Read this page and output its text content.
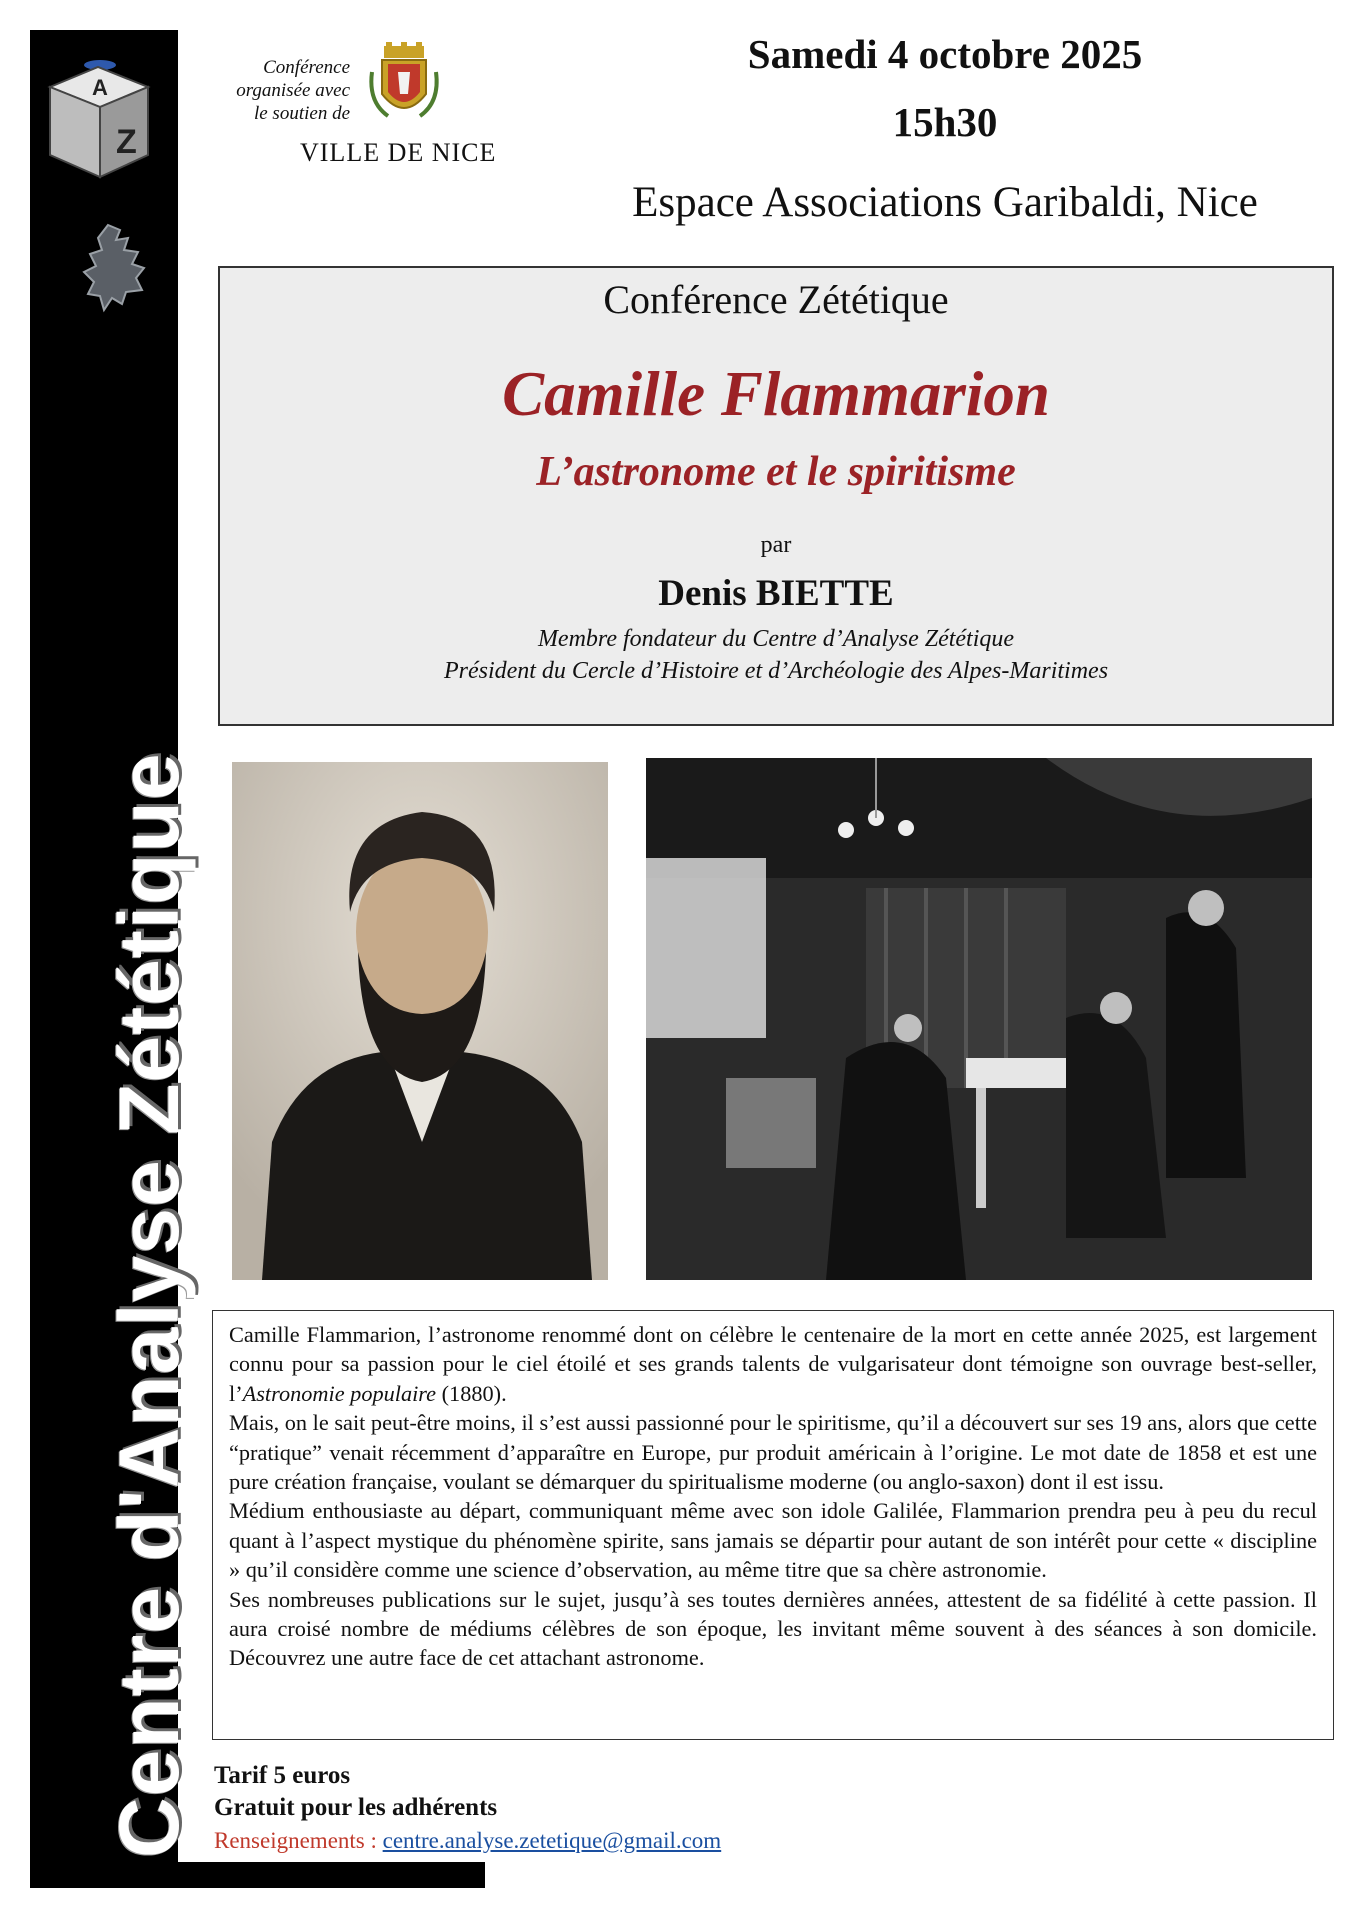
A
Z
Centre d'Analyse Zététique
Conférence
organisée avec
le soutien de
VILLE DE NICE
Samedi 4 octobre 2025
15h30
Espace Associations Garibaldi, Nice
Conférence Zététique
Camille Flammarion
L’astronome et le spiritisme
par
Denis BIETTE
Membre fondateur du Centre d’Analyse Zététique
Président du Cercle d’Histoire et d’Archéologie des Alpes-Maritimes

Camille Flammarion, l’astronome renommé dont on célèbre le centenaire de la mort en cette année 2025, est largement connu pour sa passion pour le ciel étoilé et ses grands talents de vulgarisateur dont témoigne son ouvrage best-seller, l’Astronomie populaire (1880).

Mais, on le sait peut-être moins, il s’est aussi passionné pour le spiritisme, qu’il a découvert sur ses 19 ans, alors que cette “pratique” venait récemment d’apparaître en Europe, pur produit américain à l’origine. Le mot date de 1858 et est une pure création française, voulant se démarquer du spiritualisme moderne (ou anglo-saxon) dont il est issu.

Médium enthousiaste au départ, communiquant même avec son idole Galilée, Flammarion prendra peu à peu du recul quant à l’aspect mystique du phénomène spirite, sans jamais se départir pour autant de son intérêt pour cette « discipline » qu’il considère comme une science d’observation, au même titre que sa chère astronomie.

Ses nombreuses publications sur le sujet, jusqu’à ses toutes dernières années, attestent de sa fidélité à cette passion. Il aura croisé nombre de médiums célèbres de son époque, les invitant même souvent à des séances à son domicile. Découvrez une autre face de cet attachant astronome.

Tarif 5 euros
Gratuit pour les adhérents
Renseignements : centre.analyse.zetetique@gmail.com
